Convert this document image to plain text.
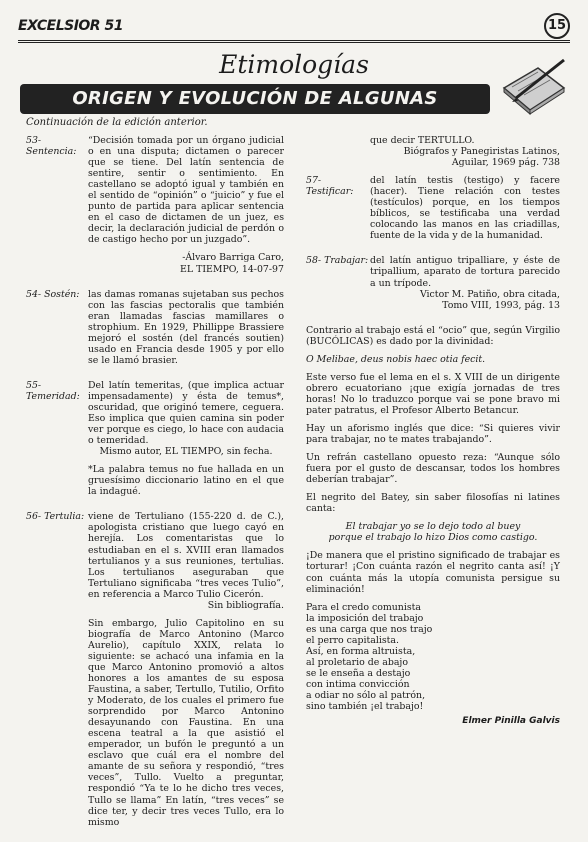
EXCELSIOR 51	15
Etimologías
ORIGEN Y EVOLUCIÓN DE ALGUNAS PALABRAS
Continuación de la edición anterior.
53- Sentencia:

“Decisión tomada por un órgano judicial o en una disputa; dictamen o parecer que se tiene. Del latín sentencia de sentire, sentir o sentimiento. En castellano se adoptó igual y también en el sentido de “opinión” o “juicio” y fue el punto de partida para aplicar sentencia en el caso de dictamen de un juez, es decir, la declaración judicial de perdón o de castigo hecho por un juzgado”.

-Álvaro Barriga Caro,

EL TIEMPO, 14-07-97

54- Sostén: las damas romanas sujetaban sus pechos con las fascias pectoralis que también eran llamadas fascias mamillares o strophium. En 1929, Phillippe Brassiere mejoró el sostén (del francés soutien) usado en Francia desde 1905 y por ello se le llamó brasier.

55- Temeridad:

Del latín temeritas, (que implica actuar impensadamente) y ésta de temus*, oscuridad, que originó temere, ceguera. Eso implica que quien camina sin poder ver porque es ciego, lo hace con audacia o temeridad.

Mismo autor, EL TIEMPO, sin fecha.

*La palabra temus no fue hallada en un gruesísimo diccionario latino en el que la indagué.

56- Tertulia: viene de Tertuliano (155-220 d. de C.), apologista cristiano que luego cayó en herejía. Los comentaristas que lo estudiaban en el s. XVIII eran llamados tertulianos y a sus reuniones, tertulias. Los tertulianos aseguraban que Tertuliano significaba “tres veces Tulio”, en referencia a Marco Tulio Cicerón.

Sin bibliografía.

Sin embargo, Julio Capitolino en su biografía de Marco Antonino (Marco Aurelio), capítulo XXIX, relata lo siguiente: se achacó una infamia en la que Marco Antonino promovió a altos honores a los amantes de su esposa Faustina, a saber, Tertullo, Tutilio, Orfito y Moderato, de los cuales el primero fue sorprendido por Marco Antonino desayunando con Faustina. En una escena teatral a la que asistió el emperador, un bufón le preguntó a un esclavo que cuál era el nombre del amante de su señora y respondió, “tres veces”, Tullo. Vuelto a preguntar, respondió “Ya te lo he dicho tres veces, Tullo se llama” En latín, “tres veces” se dice ter, y decir tres veces Tullo, era lo mismo

que decir TERTULLO.

Biógrafos y Panegiristas Latinos, Aguilar, 1969 pág. 738

57- Testificar:

del latín testis (testigo) y facere (hacer). Tiene relación con testes (testículos) porque, en los tiempos bíblicos, se testificaba una verdad colocando las manos en las criadillas, fuente de la vida y de la humanidad.

58- Trabajar: del latín antiguo tripalliare, y éste de tripallium, aparato de tortura parecido a un trípode.

Victor M. Patiño, obra citada,

Tomo VIII, 1993, pág. 13

Contrario al trabajo está el “ocio” que, según Virgilio (BUCÓLICAS) es dado por la divinidad:

O Melibae, deus nobis haec otia fecit.

Este verso fue el lema en el s. X VIII de un dirigente obrero ecuatoriano ¡que exigía jornadas de tres horas! No lo traduzco porque vai se pone bravo mi pater patratus, el Profesor Alberto Betancur.

Hay un aforismo inglés que dice: “Si quieres vivir para trabajar, no te mates trabajando”.

Un refrán castellano opuesto reza: “Aunque sólo fuera por el gusto de descansar, todos los hombres deberían trabajar”.

El negrito del Batey, sin saber filosofías ni latines canta:

El trabajar yo se lo dejo todo al buey

porque el trabajo lo hizo Dios como castigo.

¡De manera que el pristino significado de trabajar es torturar! ¡Con cuánta razón el negrito canta así! ¡Y con cuánta más la utopía comunista persigue su eliminación!

Para el credo comunista

la imposición del trabajo

es una carga que nos trajo

el perro capitalista.

Así, en forma altruista,

al proletario de abajo

se le enseña a destajo

con intima convicción

a odiar no sólo al patrón,

sino también ¡el trabajo!

Elmer Pinilla Galvis
